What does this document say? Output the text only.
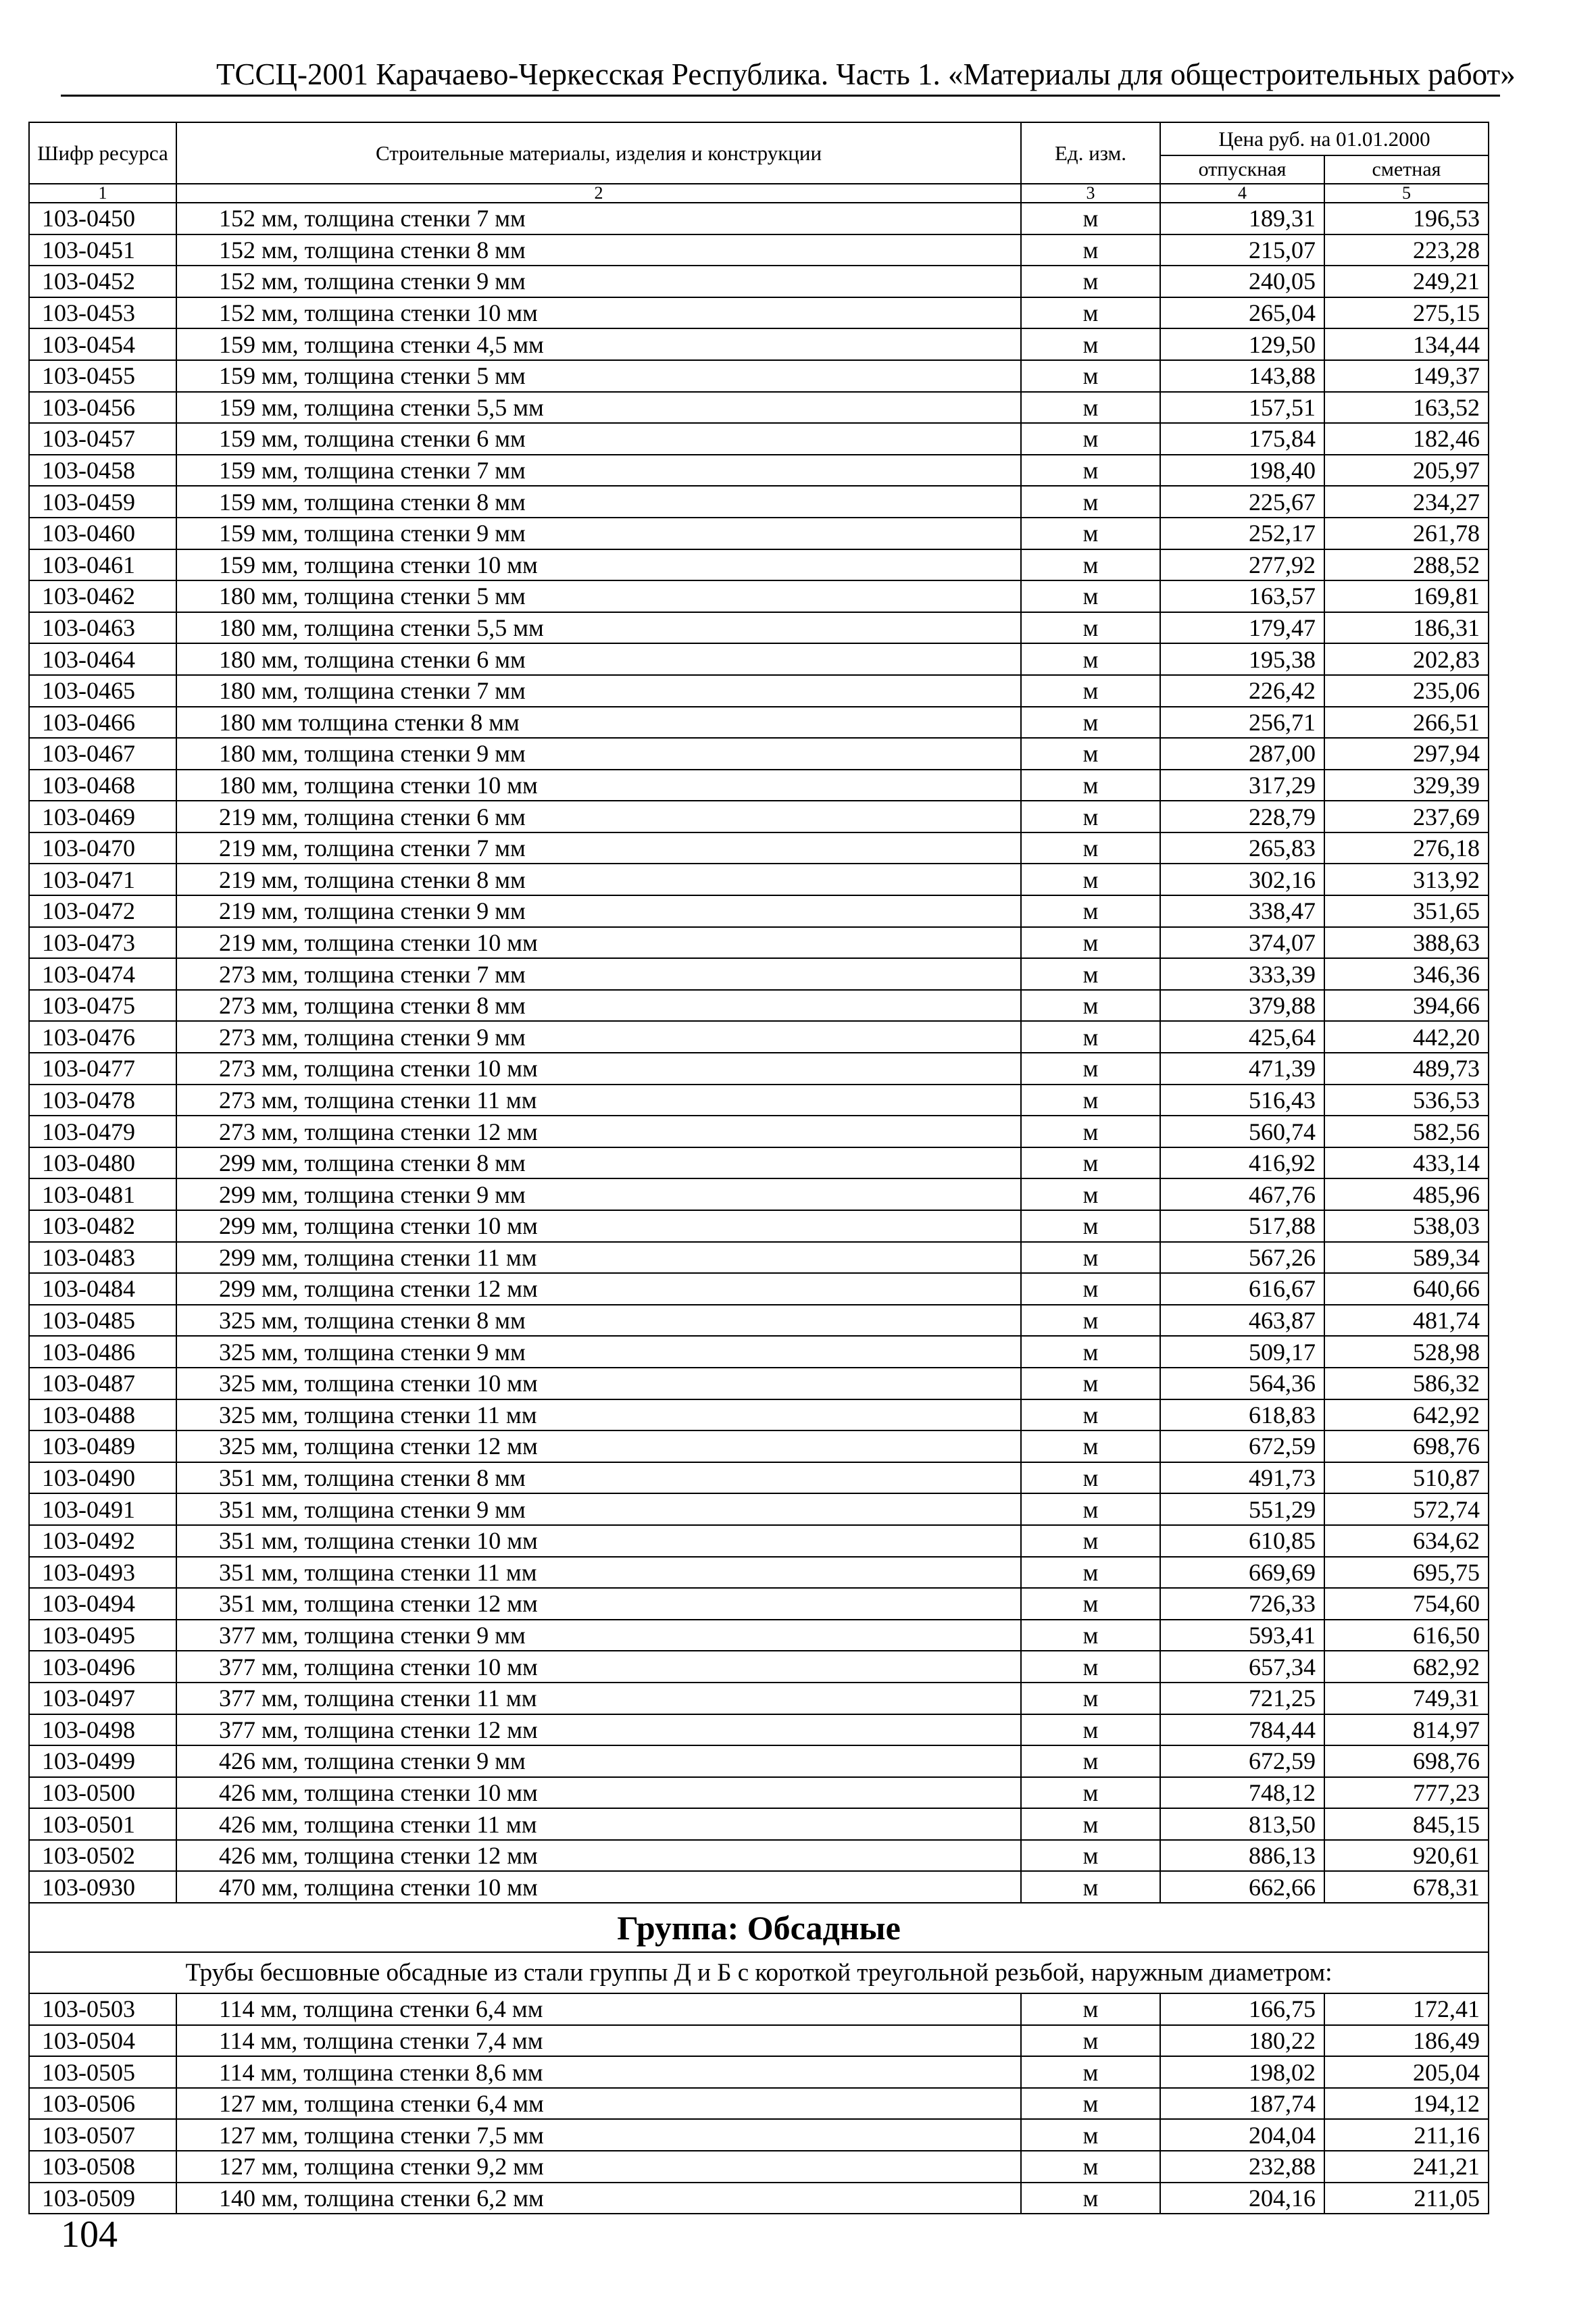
ТССЦ-2001 Карачаево-Черкесская Республика. Часть 1. «Материалы для общестроительных работ»
Шифр ресурса	Строительные материалы, изделия и конструкции	Ед. изм.	Цена руб. на 01.01.2000	
			отпускная	сметная
1	2	3	4	5
103-0450	152 мм, толщина стенки 7 мм	м	189,31	196,53
103-0451	152 мм, толщина стенки 8 мм	м	215,07	223,28
103-0452	152 мм, толщина стенки 9 мм	м	240,05	249,21
103-0453	152 мм, толщина стенки 10 мм	м	265,04	275,15
103-0454	159 мм, толщина стенки 4,5 мм	м	129,50	134,44
103-0455	159 мм, толщина стенки 5 мм	м	143,88	149,37
103-0456	159 мм, толщина стенки 5,5 мм	м	157,51	163,52
103-0457	159 мм, толщина стенки 6 мм	м	175,84	182,46
103-0458	159 мм, толщина стенки 7 мм	м	198,40	205,97
103-0459	159 мм, толщина стенки 8 мм	м	225,67	234,27
103-0460	159 мм, толщина стенки 9 мм	м	252,17	261,78
103-0461	159 мм, толщина стенки 10 мм	м	277,92	288,52
103-0462	180 мм, толщина стенки 5 мм	м	163,57	169,81
103-0463	180 мм, толщина стенки 5,5 мм	м	179,47	186,31
103-0464	180 мм, толщина стенки 6 мм	м	195,38	202,83
103-0465	180 мм, толщина стенки 7 мм	м	226,42	235,06
103-0466	180 мм толщина стенки 8 мм	м	256,71	266,51
103-0467	180 мм, толщина стенки 9 мм	м	287,00	297,94
103-0468	180 мм, толщина стенки 10 мм	м	317,29	329,39
103-0469	219 мм, толщина стенки 6 мм	м	228,79	237,69
103-0470	219 мм, толщина стенки 7 мм	м	265,83	276,18
103-0471	219 мм, толщина стенки 8 мм	м	302,16	313,92
103-0472	219 мм, толщина стенки 9 мм	м	338,47	351,65
103-0473	219 мм, толщина стенки 10 мм	м	374,07	388,63
103-0474	273 мм, толщина стенки 7 мм	м	333,39	346,36
103-0475	273 мм, толщина стенки 8 мм	м	379,88	394,66
103-0476	273 мм, толщина стенки 9 мм	м	425,64	442,20
103-0477	273 мм, толщина стенки 10 мм	м	471,39	489,73
103-0478	273 мм, толщина стенки 11 мм	м	516,43	536,53
103-0479	273 мм, толщина стенки 12 мм	м	560,74	582,56
103-0480	299 мм, толщина стенки 8 мм	м	416,92	433,14
103-0481	299 мм, толщина стенки 9 мм	м	467,76	485,96
103-0482	299 мм, толщина стенки 10 мм	м	517,88	538,03
103-0483	299 мм, толщина стенки 11 мм	м	567,26	589,34
103-0484	299 мм, толщина стенки 12 мм	м	616,67	640,66
103-0485	325 мм, толщина стенки 8 мм	м	463,87	481,74
103-0486	325 мм, толщина стенки 9 мм	м	509,17	528,98
103-0487	325 мм, толщина стенки 10 мм	м	564,36	586,32
103-0488	325 мм, толщина стенки 11 мм	м	618,83	642,92
103-0489	325 мм, толщина стенки 12 мм	м	672,59	698,76
103-0490	351 мм, толщина стенки 8 мм	м	491,73	510,87
103-0491	351 мм, толщина стенки 9 мм	м	551,29	572,74
103-0492	351 мм, толщина стенки 10 мм	м	610,85	634,62
103-0493	351 мм, толщина стенки 11 мм	м	669,69	695,75
103-0494	351 мм, толщина стенки 12 мм	м	726,33	754,60
103-0495	377 мм, толщина стенки 9 мм	м	593,41	616,50
103-0496	377 мм, толщина стенки 10 мм	м	657,34	682,92
103-0497	377 мм, толщина стенки 11 мм	м	721,25	749,31
103-0498	377 мм, толщина стенки 12 мм	м	784,44	814,97
103-0499	426 мм, толщина стенки 9 мм	м	672,59	698,76
103-0500	426 мм, толщина стенки 10 мм	м	748,12	777,23
103-0501	426 мм, толщина стенки 11 мм	м	813,50	845,15
103-0502	426 мм, толщина стенки 12 мм	м	886,13	920,61
103-0930	470 мм, толщина стенки 10 мм	м	662,66	678,31
Группа: Обсадные				
Трубы бесшовные обсадные из стали группы Д и Б с короткой треугольной резьбой, наружным диаметром:				
103-0503	114 мм, толщина стенки 6,4 мм	м	166,75	172,41
103-0504	114 мм, толщина стенки 7,4 мм	м	180,22	186,49
103-0505	114 мм, толщина стенки 8,6 мм	м	198,02	205,04
103-0506	127 мм, толщина стенки 6,4 мм	м	187,74	194,12
103-0507	127 мм, толщина стенки 7,5 мм	м	204,04	211,16
103-0508	127 мм, толщина стенки 9,2 мм	м	232,88	241,21
103-0509	140 мм, толщина стенки 6,2 мм	м	204,16	211,05
104
